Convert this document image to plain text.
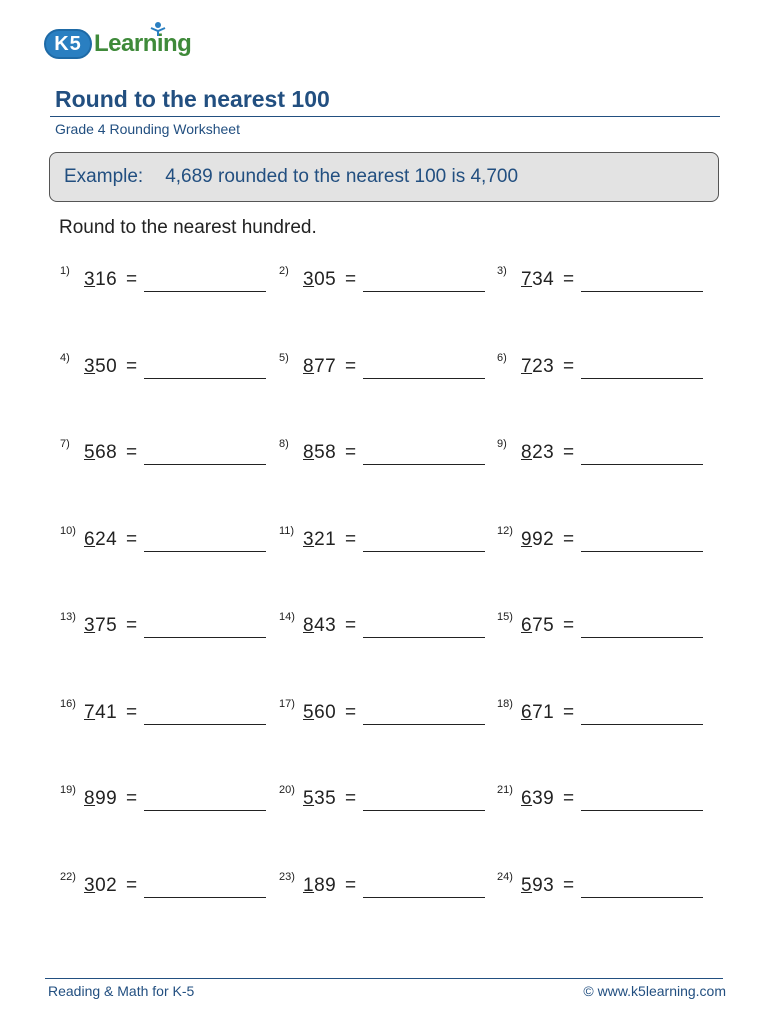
K5 Learning
Round to the nearest 100
Grade 4 Rounding Worksheet
Example: 4,689 rounded to the nearest 100 is 4,700
Round to the nearest hundred.
1) 316 =	2) 305 =	3) 734 =
4) 350 =	5) 877 =	6) 723 =
7) 568 =	8) 858 =	9) 823 =
10) 624 =	11) 321 =	12) 992 =
13) 375 =	14) 843 =	15) 675 =
16) 741 =	17) 560 =	18) 671 =
19) 899 =	20) 535 =	21) 639 =
22) 302 =	23) 189 =	24) 593 =
Reading & Math for K-5	© www.k5learning.com
